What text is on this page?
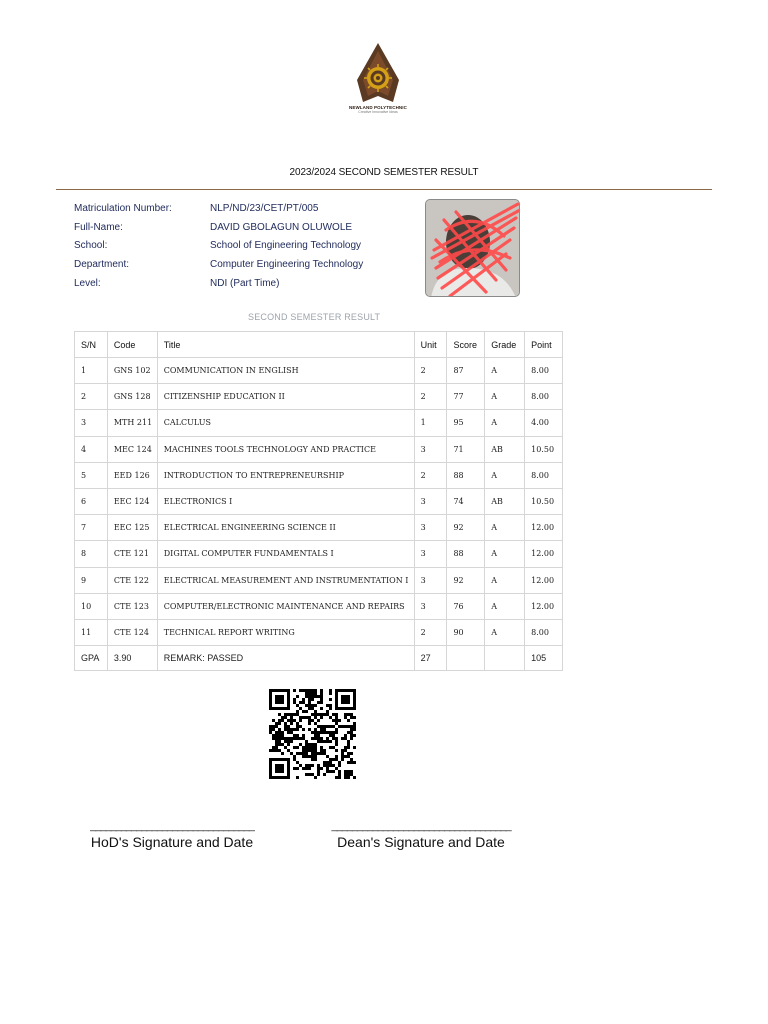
NEWLAND POLYTECHNIC
Creative Innovative Ideas
2023/2024 SECOND SEMESTER RESULT
Matriculation Number:	NLP/ND/23/CET/PT/005
Full-Name:	DAVID GBOLAGUN OLUWOLE
School:	School of Engineering Technology
Department:	Computer Engineering Technology
Level:	NDI (Part Time)
SECOND SEMESTER RESULT
S/N	Code	Title	Unit	Score	Grade	Point
1	GNS 102	COMMUNICATION IN ENGLISH	2	87	A	8.00
2	GNS 128	CITIZENSHIP EDUCATION II	2	77	A	8.00
3	MTH 211	CALCULUS	1	95	A	4.00
4	MEC 124	MACHINES TOOLS TECHNOLOGY AND PRACTICE	3	71	AB	10.50
5	EED 126	INTRODUCTION TO ENTREPRENEURSHIP	2	88	A	8.00
6	EEC 124	ELECTRONICS I	3	74	AB	10.50
7	EEC 125	ELECTRICAL ENGINEERING SCIENCE II	3	92	A	12.00
8	CTE 121	DIGITAL COMPUTER FUNDAMENTALS I	3	88	A	12.00
9	CTE 122	ELECTRICAL MEASUREMENT AND INSTRUMENTATION I	3	92	A	12.00
10	CTE 123	COMPUTER/ELECTRONIC MAINTENANCE AND REPAIRS	3	76	A	12.00
11	CTE 124	TECHNICAL REPORT WRITING	2	90	A	8.00
GPA	3.90	REMARK: PASSED	27			105
________________________________
HoD's Signature and Date
___________________________________
Dean's Signature and Date
